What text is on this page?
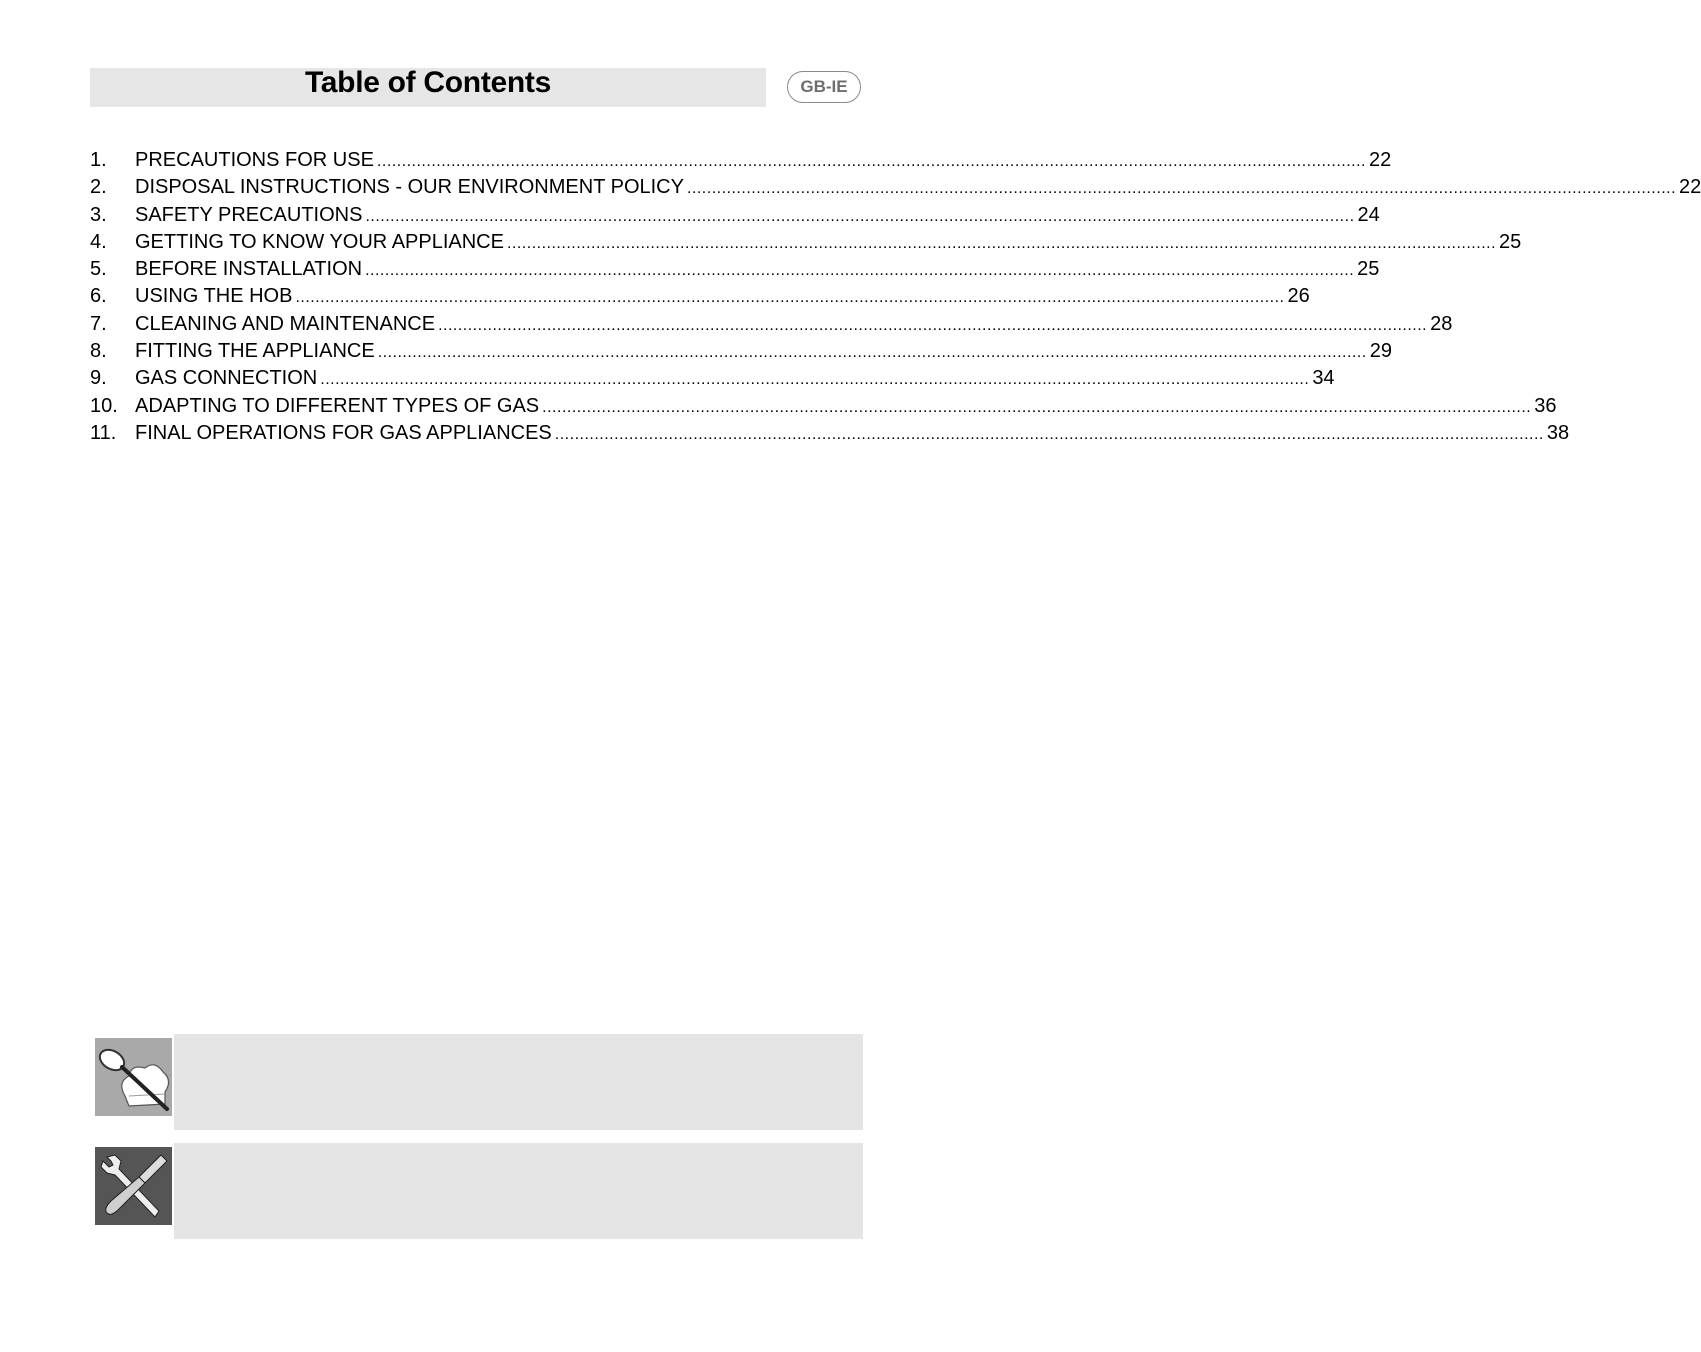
Table of Contents	GB-IE
1.	PRECAUTIONS FOR USE ........................................................................................................................................................................................................ 22
2.	DISPOSAL INSTRUCTIONS - OUR ENVIRONMENT POLICY ........................................................................................................................................................................................................ 22
3.	SAFETY PRECAUTIONS ........................................................................................................................................................................................................ 24
4.	GETTING TO KNOW YOUR APPLIANCE ........................................................................................................................................................................................................ 25
5.	BEFORE INSTALLATION ........................................................................................................................................................................................................ 25
6.	USING THE HOB ........................................................................................................................................................................................................ 26
7.	CLEANING AND MAINTENANCE ........................................................................................................................................................................................................ 28
8.	FITTING THE APPLIANCE ........................................................................................................................................................................................................ 29
9.	GAS CONNECTION ........................................................................................................................................................................................................ 34
10. ADAPTING TO DIFFERENT TYPES OF GAS ........................................................................................................................................................................................................ 36
11. FINAL OPERATIONS FOR GAS APPLIANCES ........................................................................................................................................................................................................ 38
